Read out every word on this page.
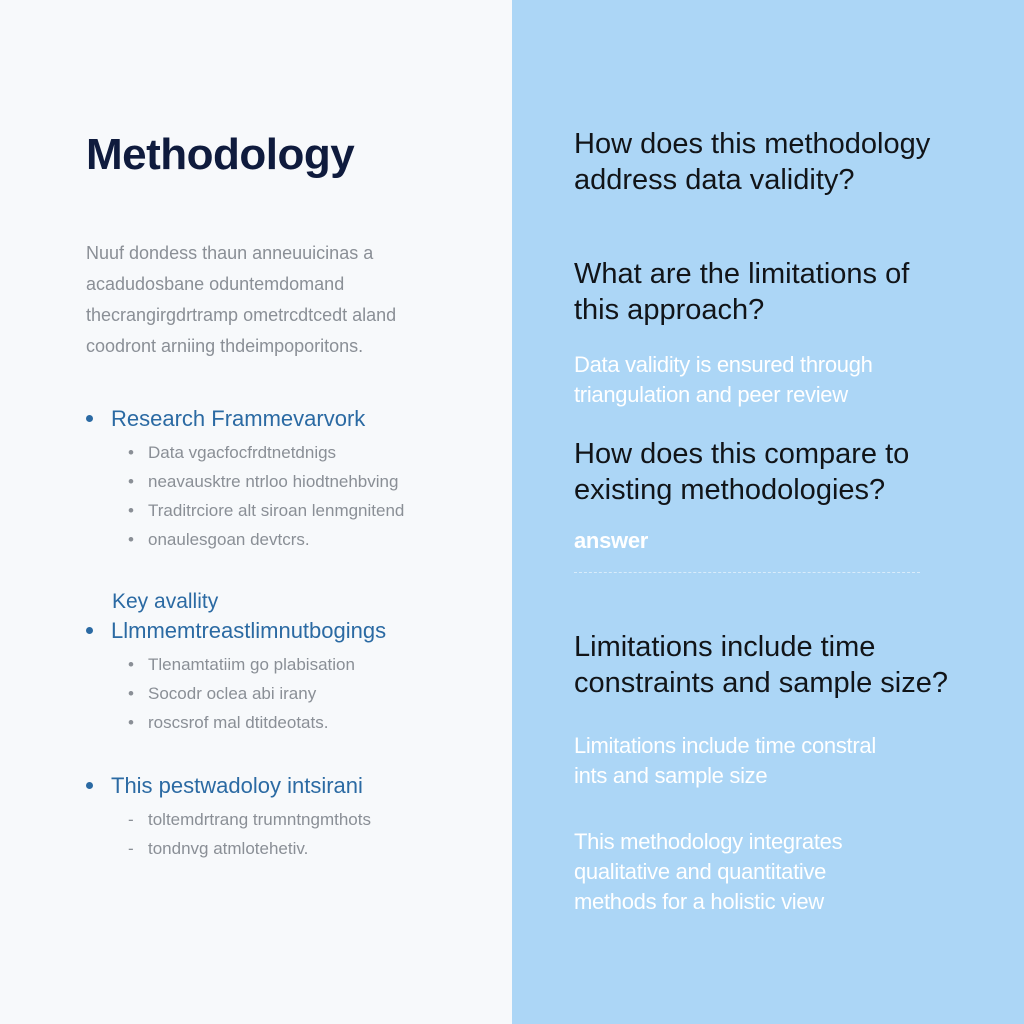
Methodology
Nuuf dondess thaun anneuuicinas a
acadudosbane oduntemdomand
thecrangirgdrtramp ometrcdtcedt aland
coodront arniing thdeimpoporitons.
Research Frammevarvork
• Data vgacfocfrdtnetdnigs
• neavausktre ntrloo hiodtnehbving
• Traditrciore alt siroan lenmgnitend
• onaulesgoan devtcrs.
Key avallity
Llmmemtreastlimnutbogings
• Tlenamtatiim go plabisation
• Socodr oclea abi irany
• roscsrof mal dtitdeotats.
This pestwadoloy intsirani
- toltemdrtrang trumntngmthots
- tondnvg atmlotehetiv.

How does this methodology

address data validity?

What are the limitations of

this approach?

Data validity is ensured through

triangulation and peer review

How does this compare to

existing methodologies?

answer

Limitations include time

constraints and sample size?

Limitations include time constral

ints and sample size

This methodology integrates

qualitative and quantitative

methods for a holistic view
